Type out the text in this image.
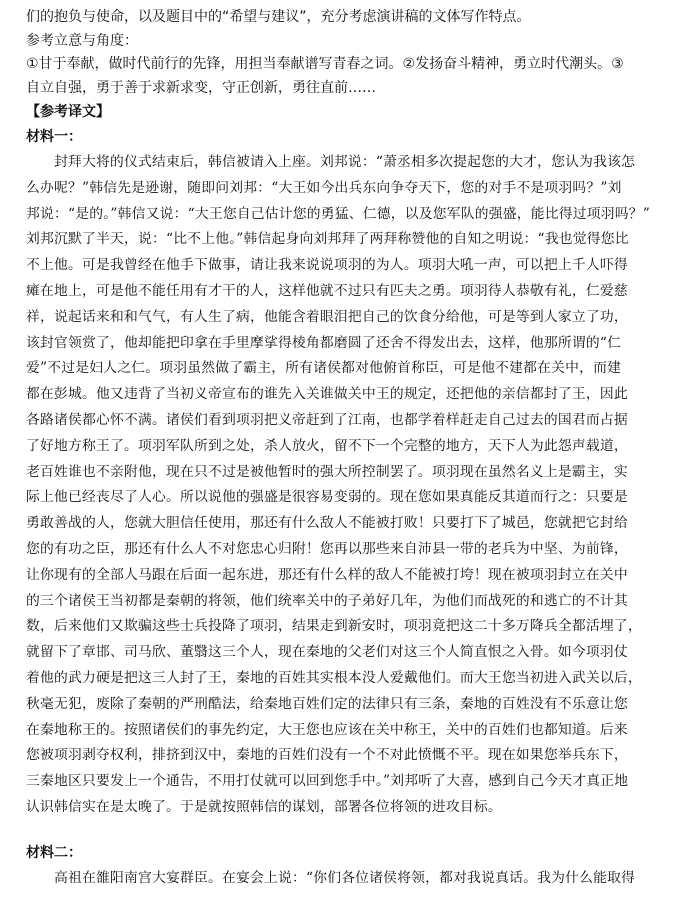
们的抱负与使命，以及题目中的“希望与建议”，充分考虑演讲稿的文体写作特点。

参考立意与角度：

①甘于奉献，做时代前行的先锋，用担当奉献谱写青春之词。②发扬奋斗精神，勇立时代潮头。③

自立自强，勇于善于求新求变，守正创新，勇往直前……

【参考译文】

材料一：

封拜大将的仪式结束后，韩信被请入上座。刘邦说：“萧丞相多次提起您的大才，您认为我该怎

么办呢？”韩信先是逊谢，随即问刘邦：“大王如今出兵东向争夺天下，您的对手不是项羽吗？”刘

邦说：“是的。”韩信又说：“大王您自己估计您的勇猛、仁德，以及您军队的强盛，能比得过项羽吗？”

刘邦沉默了半天，说：“比不上他。”韩信起身向刘邦拜了两拜称赞他的自知之明说：“我也觉得您比

不上他。可是我曾经在他手下做事，请让我来说说项羽的为人。项羽大吼一声，可以把上千人吓得

瘫在地上，可是他不能任用有才干的人，这样他就不过只有匹夫之勇。项羽待人恭敬有礼，仁爱慈

祥，说起话来和和气气，有人生了病，他能含着眼泪把自己的饮食分给他，可是等到人家立了功，

该封官领赏了，他却能把印拿在手里摩挲得棱角都磨圆了还舍不得发出去，这样，他那所谓的“仁

爱”不过是妇人之仁。项羽虽然做了霸主，所有诸侯都对他俯首称臣，可是他不建都在关中，而建

都在彭城。他又违背了当初义帝宣布的谁先入关谁做关中王的规定，还把他的亲信都封了王，因此

各路诸侯都心怀不满。诸侯们看到项羽把义帝赶到了江南，也都学着样赶走自己过去的国君而占据

了好地方称王了。项羽军队所到之处，杀人放火，留不下一个完整的地方，天下人为此怨声载道，

老百姓谁也不亲附他，现在只不过是被他暂时的强大所控制罢了。项羽现在虽然名义上是霸主，实

际上他已经丧尽了人心。所以说他的强盛是很容易变弱的。现在您如果真能反其道而行之：只要是

勇敢善战的人，您就大胆信任使用，那还有什么敌人不能被打败！只要打下了城邑，您就把它封给

您的有功之臣，那还有什么人不对您忠心归附！您再以那些来自沛县一带的老兵为中坚、为前锋，

让你现有的全部人马跟在后面一起东进，那还有什么样的敌人不能被打垮！现在被项羽封立在关中

的三个诸侯王当初都是秦朝的将领，他们统率关中的子弟好几年，为他们而战死的和逃亡的不计其

数，后来他们又欺骗这些士兵投降了项羽，结果走到新安时，项羽竟把这二十多万降兵全都活埋了，

就留下了章邯、司马欣、董翳这三个人，现在秦地的父老们对这三个人简直恨之入骨。如今项羽仗

着他的武力硬是把这三人封了王，秦地的百姓其实根本没人爱戴他们。而大王您当初进入武关以后，

秋毫无犯，废除了秦朝的严刑酷法，给秦地百姓们定的法律只有三条，秦地的百姓没有不乐意让您

在秦地称王的。按照诸侯们的事先约定，大王您也应该在关中称王，关中的百姓们也都知道。后来

您被项羽剥夺权利，排挤到汉中，秦地的百姓们没有一个不对此愤慨不平。现在如果您举兵东下，

三秦地区只要发上一个通告，不用打仗就可以回到您手中。”刘邦听了大喜，感到自己今天才真正地

认识韩信实在是太晚了。于是就按照韩信的谋划，部署各位将领的进攻目标。

材料二：

高祖在雒阳南宫大宴群臣。在宴会上说：“你们各位诸侯将领，都对我说真话。我为什么能取得
